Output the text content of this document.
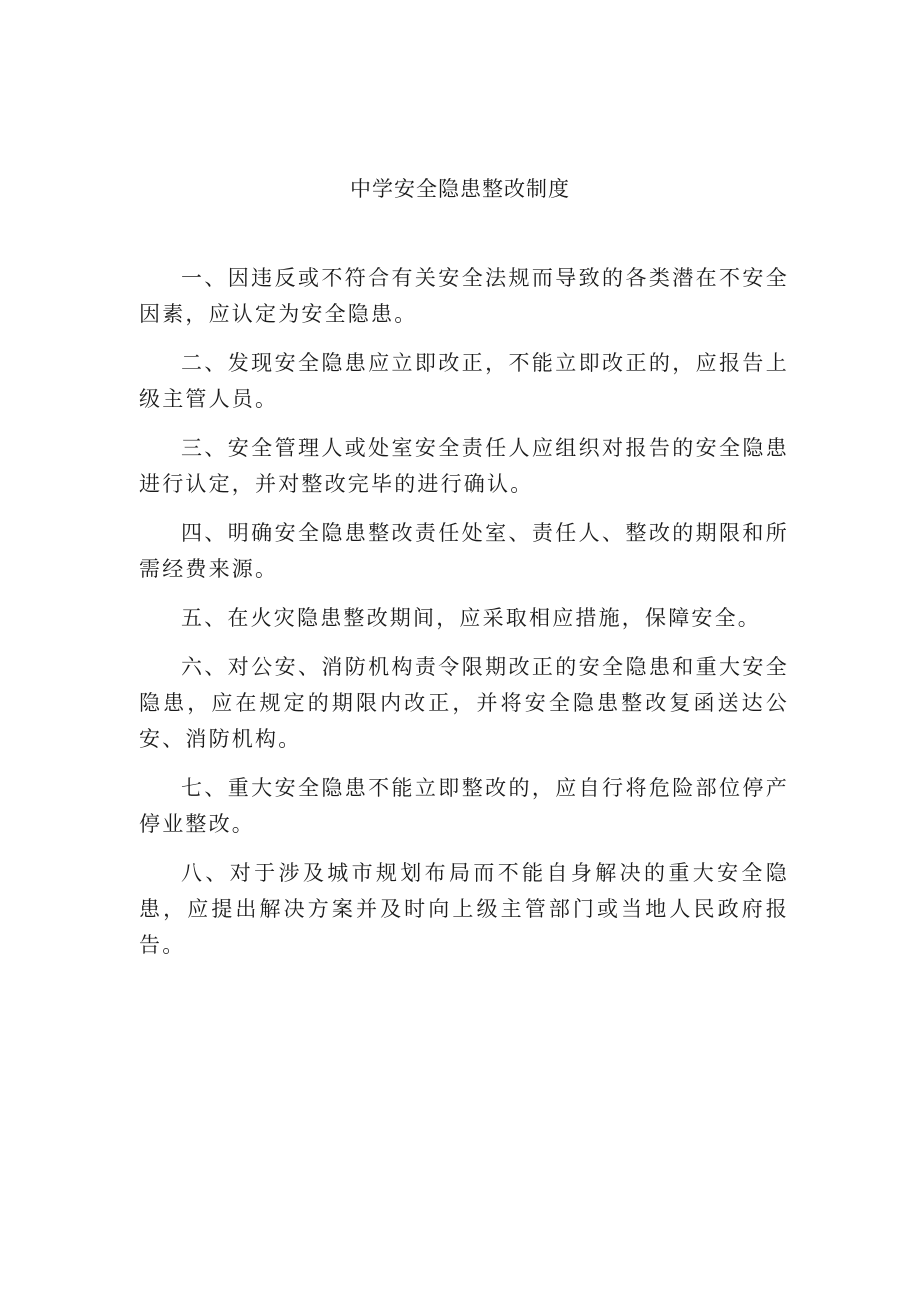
中学安全隐患整改制度

一、因违反或不符合有关安全法规而导致的各类潜在不安全因素，应认定为安全隐患。

二、发现安全隐患应立即改正，不能立即改正的，应报告上级主管人员。

三、安全管理人或处室安全责任人应组织对报告的安全隐患进行认定，并对整改完毕的进行确认。

四、明确安全隐患整改责任处室、责任人、整改的期限和所需经费来源。

五、在火灾隐患整改期间，应采取相应措施，保障安全。

六、对公安、消防机构责令限期改正的安全隐患和重大安全隐患，应在规定的期限内改正，并将安全隐患整改复函送达公安、消防机构。

七、重大安全隐患不能立即整改的，应自行将危险部位停产停业整改。

八、对于涉及城市规划布局而不能自身解决的重大安全隐患，应提出解决方案并及时向上级主管部门或当地人民政府报告。
